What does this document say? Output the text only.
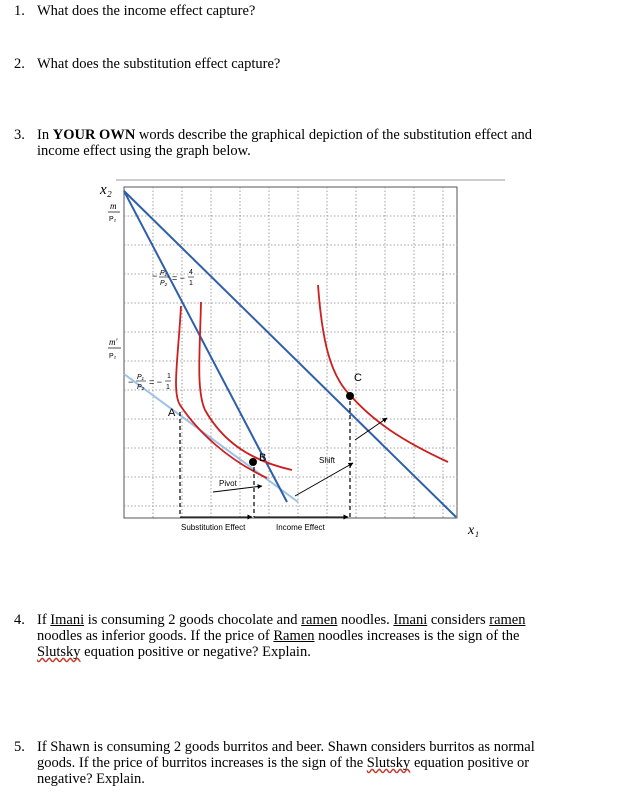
1. What does the income effect capture?
2. What does the substitution effect capture?
3. In YOUR OWN words describe the graphical depiction of the substitution effect and
income effect using the graph below.
x₂
x₁
m
P₂
m'
P₂
− P₁
P₂
= −
4
1
P₁
P₂
− = −
1
1
A
B
C
Pivot
Shift
Substitution Effect	Income Effect
4. If Imani is consuming 2 goods chocolate and ramen noodles. Imani considers ramen
noodles as inferior goods. If the price of Ramen noodles increases is the sign of the
Slutsky equation positive or negative? Explain.
5. If Shawn is consuming 2 goods burritos and beer. Shawn considers burritos as normal
goods. If the price of burritos increases is the sign of the Slutsky equation positive or
negative? Explain.
